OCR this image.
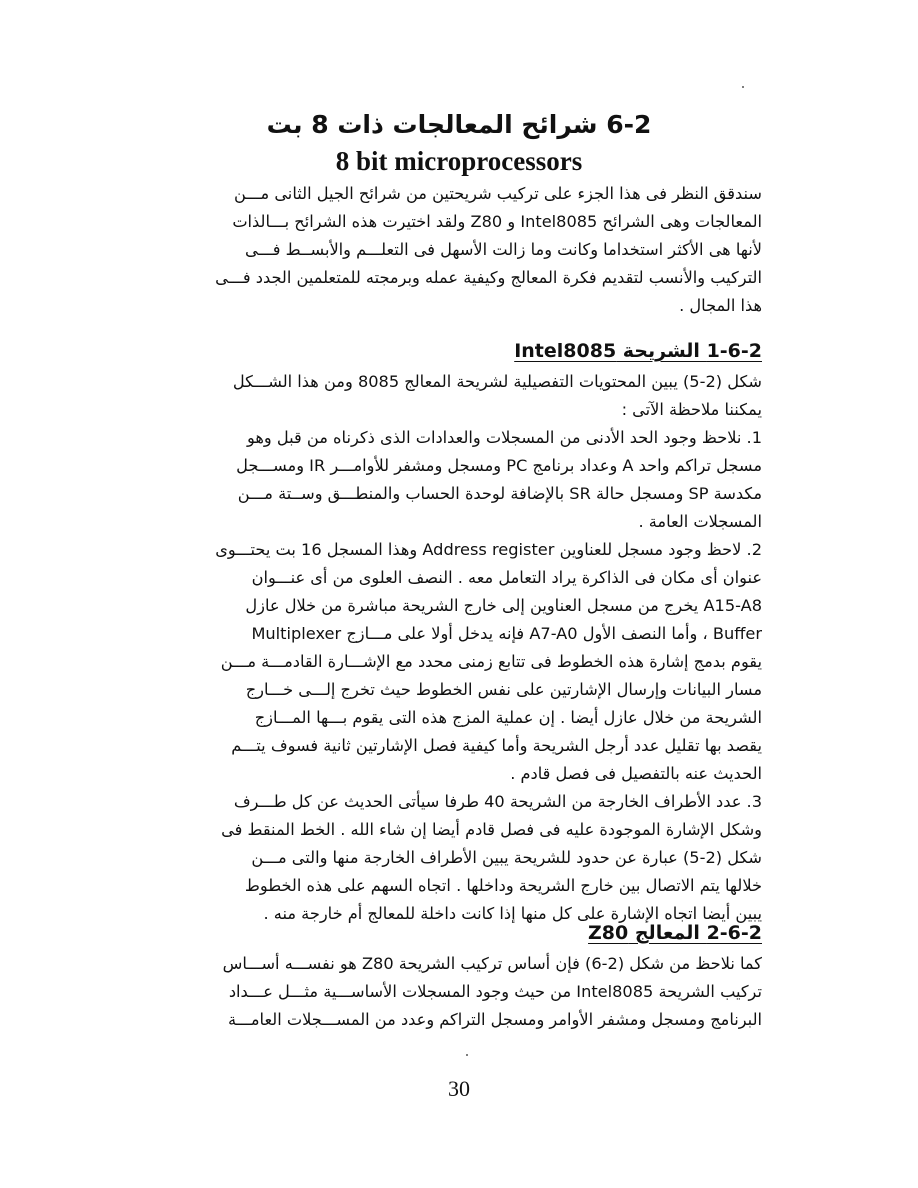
6-2 شرائح المعالجات ذات 8 بت
8 bit microprocessors
سندقق النظر فى هذا الجزء على تركيب شريحتين من شرائح الجيل الثانى مـــن
المعالجات وهى الشرائح Intel8085 و Z80 ولقد اختيرت هذه الشرائح بـــالذات
لأنها هى الأكثر استخداما وكانت وما زالت الأسهل فى التعلـــم والأبســط فـــى
التركيب والأنسب لتقديم فكرة المعالج وكيفية عمله وبرمجته للمتعلمين الجدد فـــى
هذا المجال .
1-6-2 الشريحة Intel8085
شكل (2-5) يبين المحتويات التفصيلية لشريحة المعالج 8085 ومن هذا الشـــكل
يمكننا ملاحظة الآتى :
1. نلاحظ وجود الحد الأدنى من المسجلات والعدادات الذى ذكرناه من قبل وهو
مسجل تراكم واحد A وعداد برنامج PC ومسجل ومشفر للأوامـــر IR ومســـجل
مكدسة SP ومسجل حالة SR بالإضافة لوحدة الحساب والمنطـــق وســتة مـــن
المسجلات العامة .
2. لاحظ وجود مسجل للعناوين Address register وهذا المسجل 16 بت يحتـــوى
عنوان أى مكان فى الذاكرة يراد التعامل معه . النصف العلوى من أى عنـــوان
A15-A8 يخرج من مسجل العناوين إلى خارج الشريحة مباشرة من خلال عازل
Buffer ، وأما النصف الأول A7-A0 فإنه يدخل أولا على مـــازج Multiplexer
يقوم بدمج إشارة هذه الخطوط فى تتابع زمنى محدد مع الإشـــارة القادمـــة مـــن
مسار البيانات وإرسال الإشارتين على نفس الخطوط حيث تخرج إلـــى خـــارج
الشريحة من خلال عازل أيضا . إن عملية المزج هذه التى يقوم بـــها المـــازج
يقصد بها تقليل عدد أرجل الشريحة وأما كيفية فصل الإشارتين ثانية فسوف يتـــم
الحديث عنه بالتفصيل فى فصل قادم .
3. عدد الأطراف الخارجة من الشريحة 40 طرفا سيأتى الحديث عن كل طـــرف
وشكل الإشارة الموجودة عليه فى فصل قادم أيضا إن شاء الله . الخط المنقط فى
شكل (2-5) عبارة عن حدود للشريحة يبين الأطراف الخارجة منها والتى مـــن
خلالها يتم الاتصال بين خارج الشريحة وداخلها . اتجاه السهم على هذه الخطوط
يبين أيضا اتجاه الإشارة على كل منها إذا كانت داخلة للمعالج أم خارجة منه .
2-6-2 المعالج Z80
كما نلاحظ من شكل (2-6) فإن أساس تركيب الشريحة Z80 هو نفســـه أســـاس
تركيب الشريحة Intel8085 من حيث وجود المسجلات الأساســـية مثـــل عـــداد
البرنامج ومسجل ومشفر الأوامر ومسجل التراكم وعدد من المســـجلات العامـــة
30
